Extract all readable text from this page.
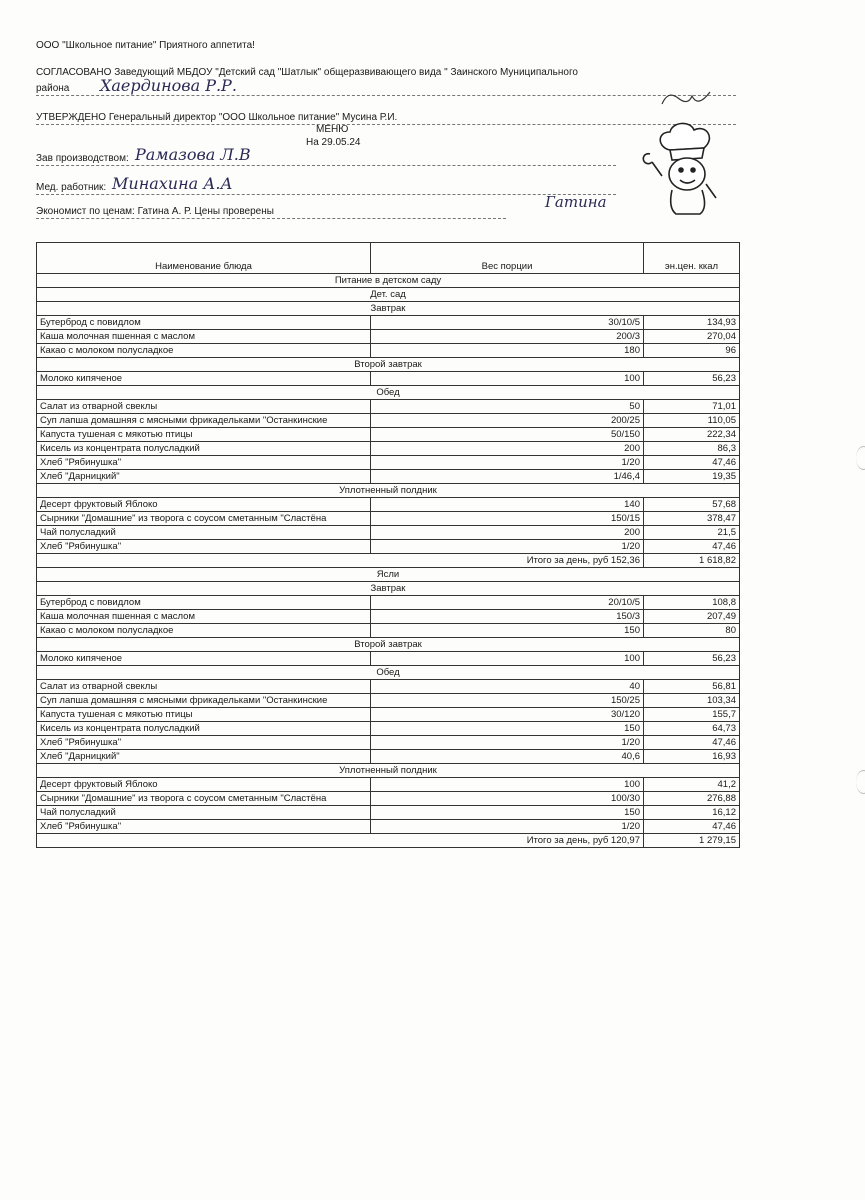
ООО "Школьное питание" Приятного аппетита!
СОГЛАСОВАНО Заведующий МБДОУ "Детский сад "Шатлык" общеразвивающего вида " Заинского Муниципального
района Хаердинова Р.Р.
УТВЕРЖДЕНО Генеральный директор "ООО Школьное питание" Мусина Р.И.
МЕНЮ
На 29.05.24
Зав производством: Рамазова Л.В
Мед. работник: Минахина А.А
Экономист по ценам: Гатина А. Р. Цены проверены
Гатина
Наименование блюда	Вес порции	эн.цен. ккал
Питание в детском саду		
Дет. сад		
Завтрак		
Бутерброд с повидлом	30/10/5	134,93
Каша молочная пшенная с маслом	200/3	270,04
Какао с молоком полусладкое	180	96
Второй завтрак		
Молоко кипяченое	100	56,23
Обед		
Салат из отварной свеклы	50	71,01
Суп лапша домашняя с мясными фрикадельками "Останкинские	200/25	110,05
Капуста тушеная с мякотью птицы	50/150	222,34
Кисель из концентрата полусладкий	200	86,3
Хлеб "Рябинушка"	1/20	47,46
Хлеб "Дарницкий"	1/46,4	19,35
Уплотненный полдник		
Десерт фруктовый Яблоко	140	57,68
Сырники "Домашние" из творога с соусом сметанным "Сластёна	150/15	378,47
Чай полусладкий	200	21,5
Хлеб "Рябинушка"	1/20	47,46
Итого за день, руб 152,36		1 618,82
Ясли		
Завтрак		
Бутерброд с повидлом	20/10/5	108,8
Каша молочная пшенная с маслом	150/3	207,49
Какао с молоком полусладкое	150	80
Второй завтрак		
Молоко кипяченое	100	56,23
Обед		
Салат из отварной свеклы	40	56,81
Суп лапша домашняя с мясными фрикадельками "Останкинские	150/25	103,34
Капуста тушеная с мякотью птицы	30/120	155,7
Кисель из концентрата полусладкий	150	64,73
Хлеб "Рябинушка"	1/20	47,46
Хлеб "Дарницкий"	40,6	16,93
Уплотненный полдник		
Десерт фруктовый Яблоко	100	41,2
Сырники "Домашние" из творога с соусом сметанным "Сластёна	100/30	276,88
Чай полусладкий	150	16,12
Хлеб "Рябинушка"	1/20	47,46
Итого за день, руб 120,97		1 279,15
